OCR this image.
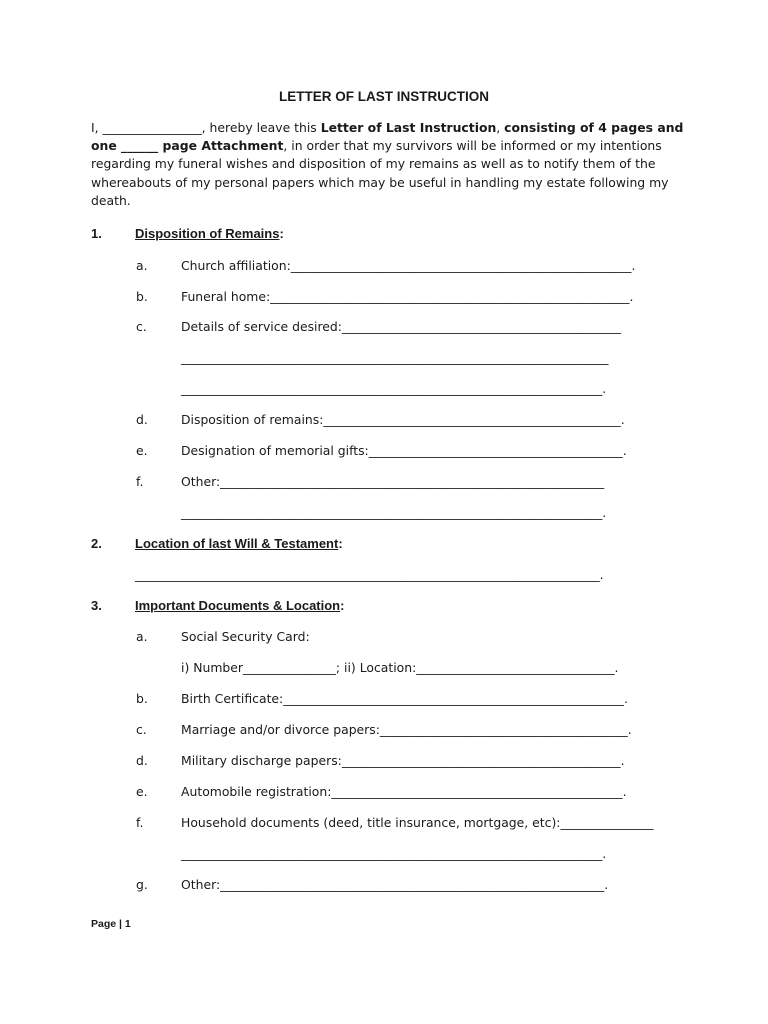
LETTER OF LAST INSTRUCTION
I, ________________, hereby leave this Letter of Last Instruction, consisting of 4 pages and one ______ page Attachment, in order that my survivors will be informed or my intentions regarding my funeral wishes and disposition of my remains as well as to notify them of the whereabouts of my personal papers which may be useful in handling my estate following my death.
1.	Disposition of Remains:
a.	Church affiliation:_______________________________________________________.
b.	Funeral home:__________________________________________________________.
c.	Details of service desired:_____________________________________________
_____________________________________________________________________
____________________________________________________________________.
d.	Disposition of remains:________________________________________________.
e.	Designation of memorial gifts:_________________________________________.
f.	Other:______________________________________________________________
____________________________________________________________________.
2.	Location of last Will & Testament:
___________________________________________________________________________.
3.	Important Documents & Location:
a.	Social Security Card:
i) Number_______________; ii) Location:________________________________.
b.	Birth Certificate:_______________________________________________________.
c.	Marriage and/or divorce papers:________________________________________.
d.	Military discharge papers:_____________________________________________.
e.	Automobile registration:_______________________________________________.
f.	Household documents (deed, title insurance, mortgage, etc):_______________
____________________________________________________________________.
g.	Other:______________________________________________________________.
Page | 1
